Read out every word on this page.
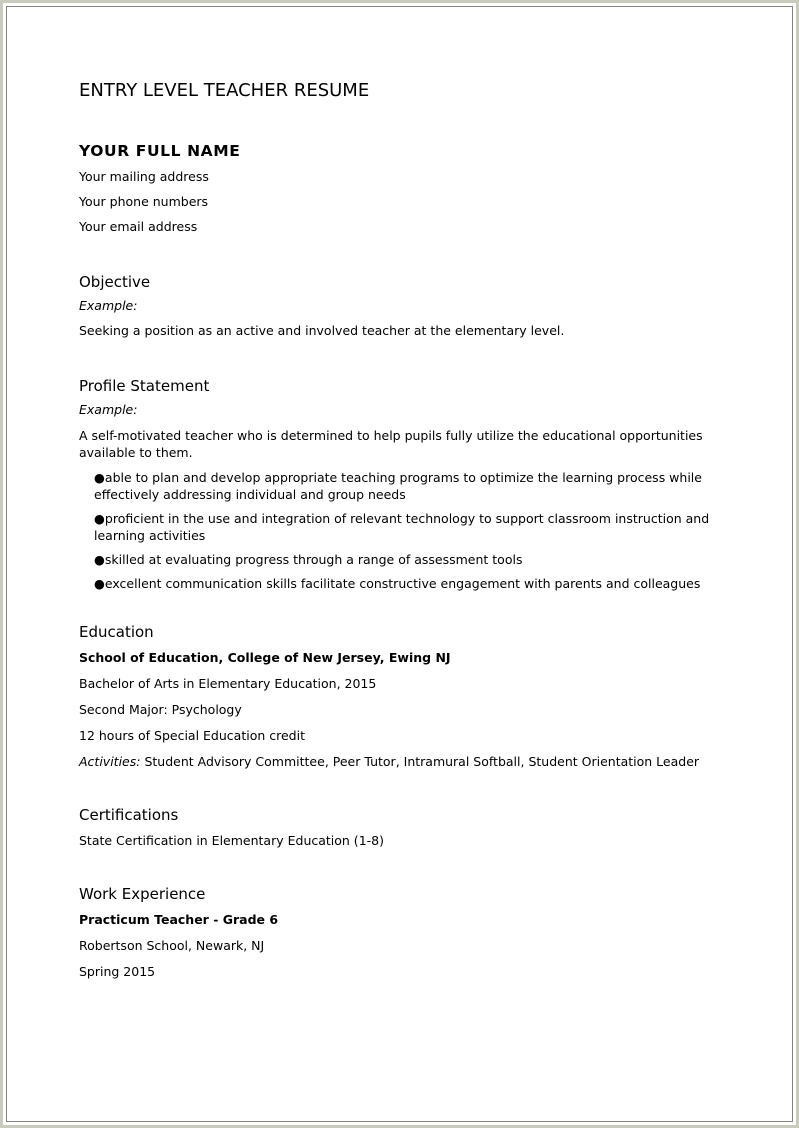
ENTRY LEVEL TEACHER RESUME
YOUR FULL NAME
Your mailing address
Your phone numbers
Your email address
Objective
Example:
Seeking a position as an active and involved teacher at the elementary level.
Profile Statement
Example:
A self-motivated teacher who is determined to help pupils fully utilize the educational opportunities available to them.
●able to plan and develop appropriate teaching programs to optimize the learning process while effectively addressing individual and group needs
●proficient in the use and integration of relevant technology to support classroom instruction and learning activities
●skilled at evaluating progress through a range of assessment tools
●excellent communication skills facilitate constructive engagement with parents and colleagues
Education
School of Education, College of New Jersey, Ewing NJ
Bachelor of Arts in Elementary Education, 2015
Second Major: Psychology
12 hours of Special Education credit
Activities: Student Advisory Committee, Peer Tutor, Intramural Softball, Student Orientation Leader
Certifications
State Certification in Elementary Education (1-8)
Work Experience
Practicum Teacher - Grade 6
Robertson School, Newark, NJ
Spring 2015
